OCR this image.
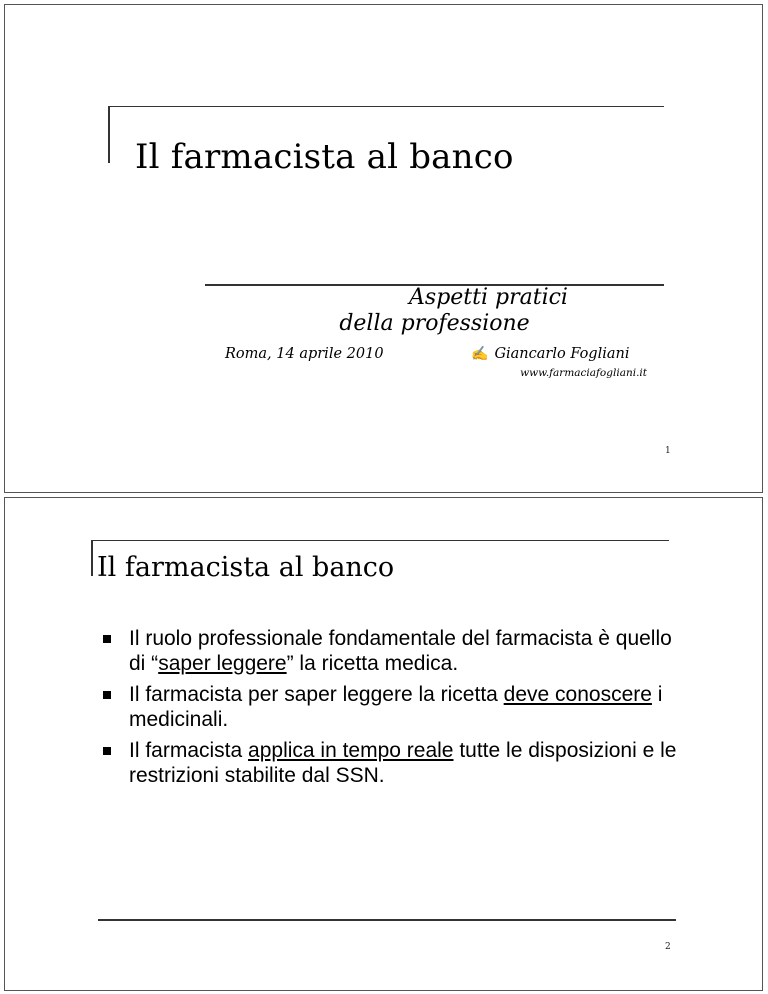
Il farmacista al banco
Aspetti pratici
della professione
Roma, 14 aprile 2010	✍ Giancarlo Fogliani
www.farmaciafogliani.it
1
Il farmacista al banco
Il ruolo professionale fondamentale del farmacista è quello di “saper leggere” la ricetta medica.
Il farmacista per saper leggere la ricetta deve conoscere i medicinali.
Il farmacista applica in tempo reale tutte le disposizioni e le restrizioni stabilite dal SSN.
2
